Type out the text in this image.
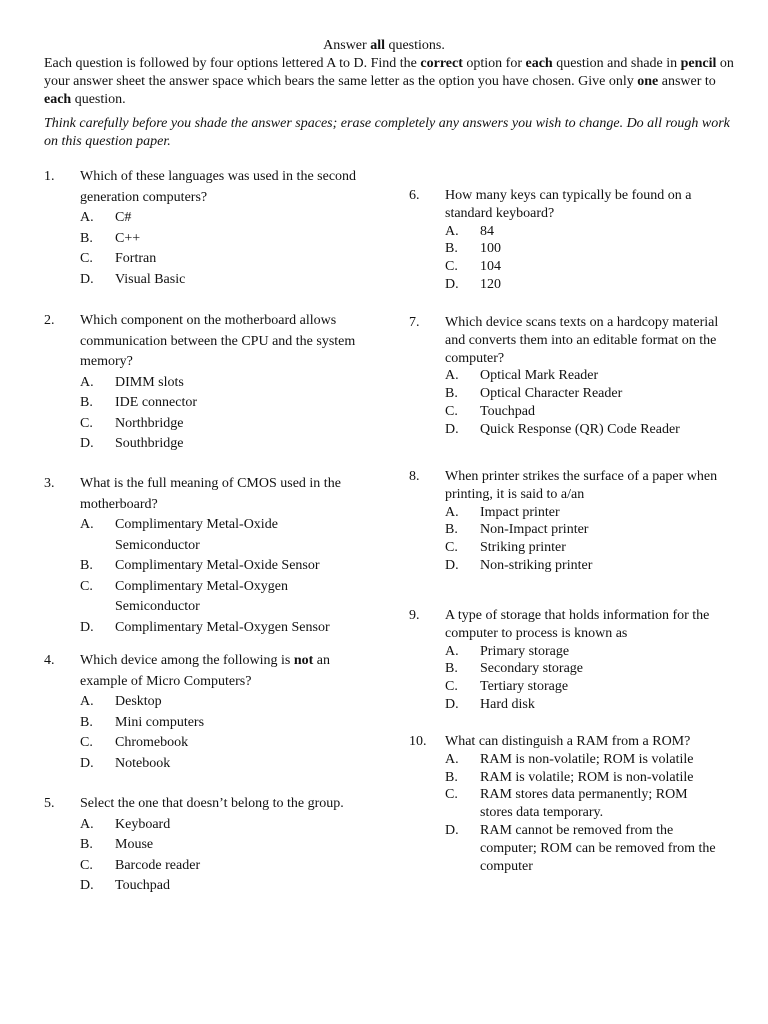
Answer all questions.
Each question is followed by four options lettered A to D. Find the correct option for each question and shade in pencil on your answer sheet the answer space which bears the same letter as the option you have chosen. Give only one answer to each question.
Think carefully before you shade the answer spaces; erase completely any answers you wish to change. Do all rough work on this question paper.
1.	Which of these languages was used in the second generation computers?
A.	C#
B.	C++
C.	Fortran
D.	Visual Basic
2.	Which component on the motherboard allows communication between the CPU and the system memory?
A.	DIMM slots
B.	IDE connector
C.	Northbridge
D.	Southbridge
3.	What is the full meaning of CMOS used in the motherboard?
A.	Complimentary Metal-Oxide Semiconductor
B.	Complimentary Metal-Oxide Sensor
C.	Complimentary Metal-Oxygen Semiconductor
D.	Complimentary Metal-Oxygen Sensor
4.	Which device among the following is not an example of Micro Computers?
A.	Desktop
B.	Mini computers
C.	Chromebook
D.	Notebook
5.	Select the one that doesn’t belong to the group.
A.	Keyboard
B.	Mouse
C.	Barcode reader
D.	Touchpad
6.	How many keys can typically be found on a standard keyboard?
A.	84
B.	100
C.	104
D.	120
7.	Which device scans texts on a hardcopy material and converts them into an editable format on the computer?
A.	Optical Mark Reader
B.	Optical Character Reader
C.	Touchpad
D.	Quick Response (QR) Code Reader
8.	When printer strikes the surface of a paper when printing, it is said to a/an
A.	Impact printer
B.	Non-Impact printer
C.	Striking printer
D.	Non-striking printer
9.	A type of storage that holds information for the computer to process is known as
A.	Primary storage
B.	Secondary storage
C.	Tertiary storage
D.	Hard disk
10.	What can distinguish a RAM from a ROM?
A.	RAM is non-volatile; ROM is volatile
B.	RAM is volatile; ROM is non-volatile
C.	RAM stores data permanently; ROM stores data temporary.
D.	RAM cannot be removed from the computer; ROM can be removed from the computer
